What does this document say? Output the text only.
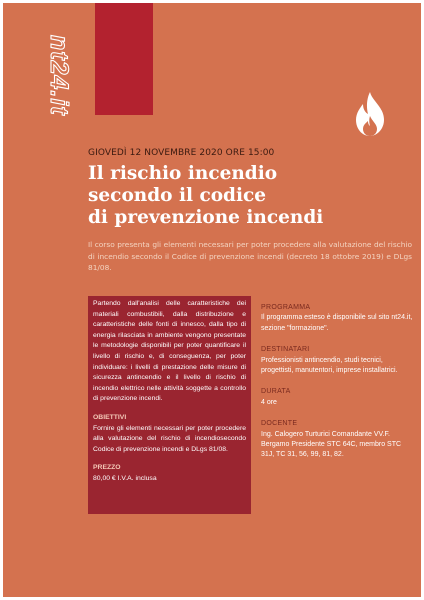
nt24.it
GIOVEDÌ 12 NOVEMBRE 2020 ORE 15:00
Il rischio incendio
secondo il codice
di prevenzione incendi
Il corso presenta gli elementi necessari per poter procedere alla valutazione del rischio di incendio secondo il Codice di prevenzione incendi (decreto 18 ottobre 2019) e DLgs 81/08.

Partendo dall'analisi delle caratteristiche dei materiali combustibili, dalla distribuzione e caratteristiche delle fonti di innesco, dalla tipo di energia rilasciata in ambiente vengono presentate le metodologie disponibili per poter quantificare il livello di rischio e, di conseguenza, per poter individuare: i livelli di prestazione delle misure di sicurezza antincendio e il livello di rischio di incendio elettrico nelle attività soggette a controllo di prevenzione incendi.

OBIETTIVI

Fornire gli elementi necessari per poter procedere alla valutazione del rischio di incendiosecondo Codice di prevenzione incendi e DLgs 81/08.

PREZZO

80,00 € I.V.A. inclusa

PROGRAMMA
Il programma esteso è disponibile sul sito nt24.it, sezione "formazione".
DESTINATARI
Professionisti antincendio, studi tecnici, progettisti, manutentori, imprese installatrici.
DURATA
4 ore
DOCENTE
Ing. Calogero Turturici Comandante VV.F. Bergamo Presidente STC 64C, membro STC 31J, TC 31, 56, 99, 81, 82.
